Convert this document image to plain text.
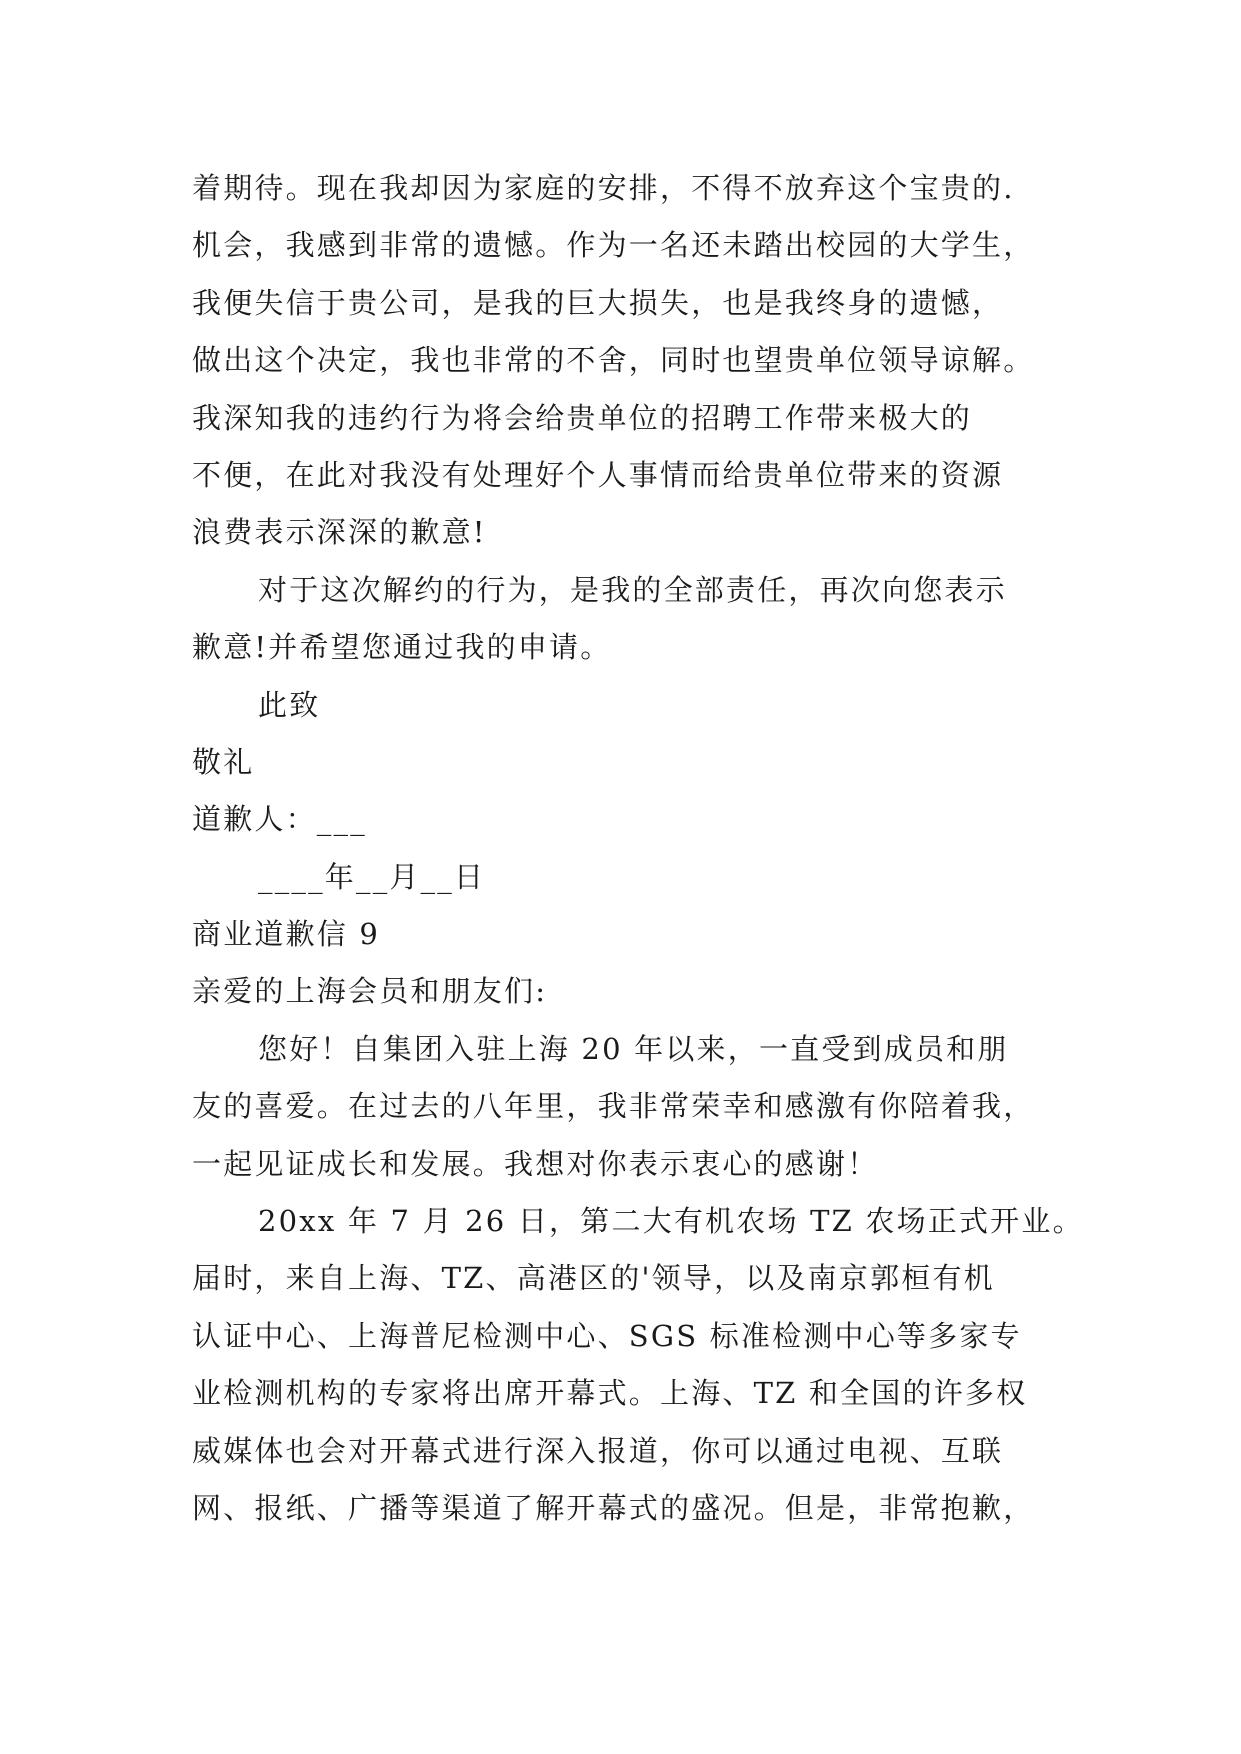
着期待。现在我却因为家庭的安排，不得不放弃这个宝贵的.
机会，我感到非常的遗憾。作为一名还未踏出校园的大学生，
我便失信于贵公司，是我的巨大损失，也是我终身的遗憾，
做出这个决定，我也非常的不舍，同时也望贵单位领导谅解。
我深知我的违约行为将会给贵单位的招聘工作带来极大的
不便，在此对我没有处理好个人事情而给贵单位带来的资源
浪费表示深深的歉意!
对于这次解约的行为，是我的全部责任，再次向您表示
歉意!并希望您通过我的申请。
此致
敬礼
道歉人：___
____年__月__日
商业道歉信 9
亲爱的上海会员和朋友们:
您好！自集团入驻上海 20 年以来，一直受到成员和朋
友的喜爱。在过去的八年里，我非常荣幸和感激有你陪着我，
一起见证成长和发展。我想对你表示衷心的感谢！
20xx 年 7 月 26 日，第二大有机农场 TZ 农场正式开业。
届时，来自上海、TZ、高港区的'领导，以及南京郭桓有机
认证中心、上海普尼检测中心、SGS 标准检测中心等多家专
业检测机构的专家将出席开幕式。上海、TZ 和全国的许多权
威媒体也会对开幕式进行深入报道，你可以通过电视、互联
网、报纸、广播等渠道了解开幕式的盛况。但是，非常抱歉，
